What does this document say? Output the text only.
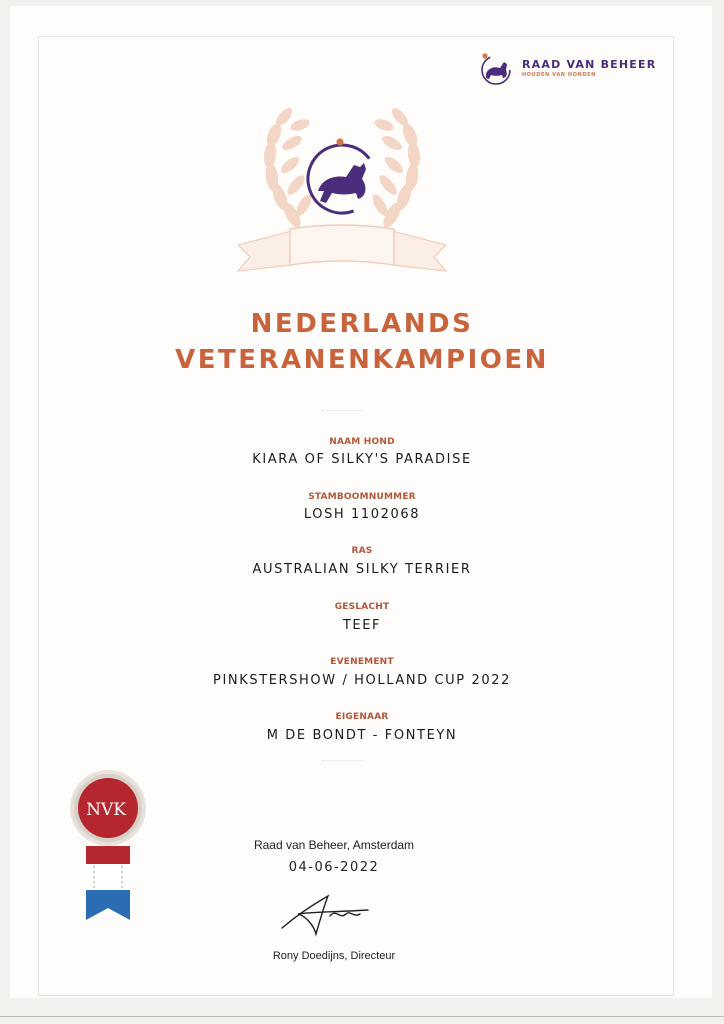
RAAD VAN BEHEER
HOUDEN VAN HONDEN
NEDERLANDS
VETERANENKAMPIOEN
NAAM HOND
KIARA OF SILKY'S PARADISE
STAMBOOMNUMMER
LOSH 1102068
RAS
AUSTRALIAN SILKY TERRIER
GESLACHT
TEEF
EVENEMENT
PINKSTERSHOW / HOLLAND CUP 2022
EIGENAAR
M DE BONDT - FONTEYN
NVK
Raad van Beheer, Amsterdam
04-06-2022
Rony Doedijns, Directeur
